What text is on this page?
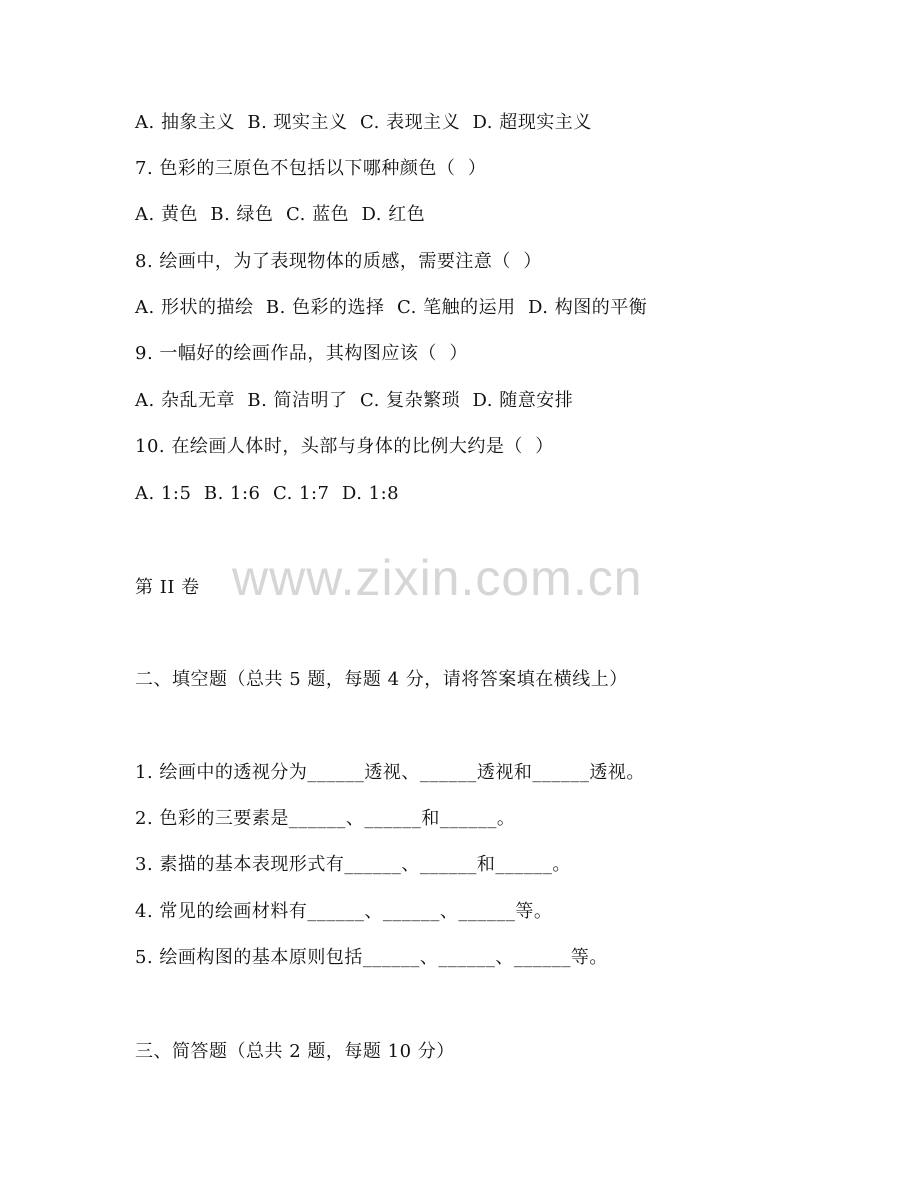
A. 抽象主义  B. 现实主义  C. 表现主义  D. 超现实主义
7. 色彩的三原色不包括以下哪种颜色（  ）
A. 黄色  B. 绿色  C. 蓝色  D. 红色
8. 绘画中，为了表现物体的质感，需要注意（  ）
A. 形状的描绘  B. 色彩的选择  C. 笔触的运用  D. 构图的平衡
9. 一幅好的绘画作品，其构图应该（  ）
A. 杂乱无章  B. 简洁明了  C. 复杂繁琐  D. 随意安排
10. 在绘画人体时，头部与身体的比例大约是（  ）
A. 1:5  B. 1:6  C. 1:7  D. 1:8
第 II 卷 www.zixin.com.cn
二、填空题（总共 5 题，每题 4 分，请将答案填在横线上）
1. 绘画中的透视分为______透视、______透视和______透视。
2. 色彩的三要素是______、______和______。
3. 素描的基本表现形式有______、______和______。
4. 常见的绘画材料有______、______、______等。
5. 绘画构图的基本原则包括______、______、______等。
三、简答题（总共 2 题，每题 10 分）
